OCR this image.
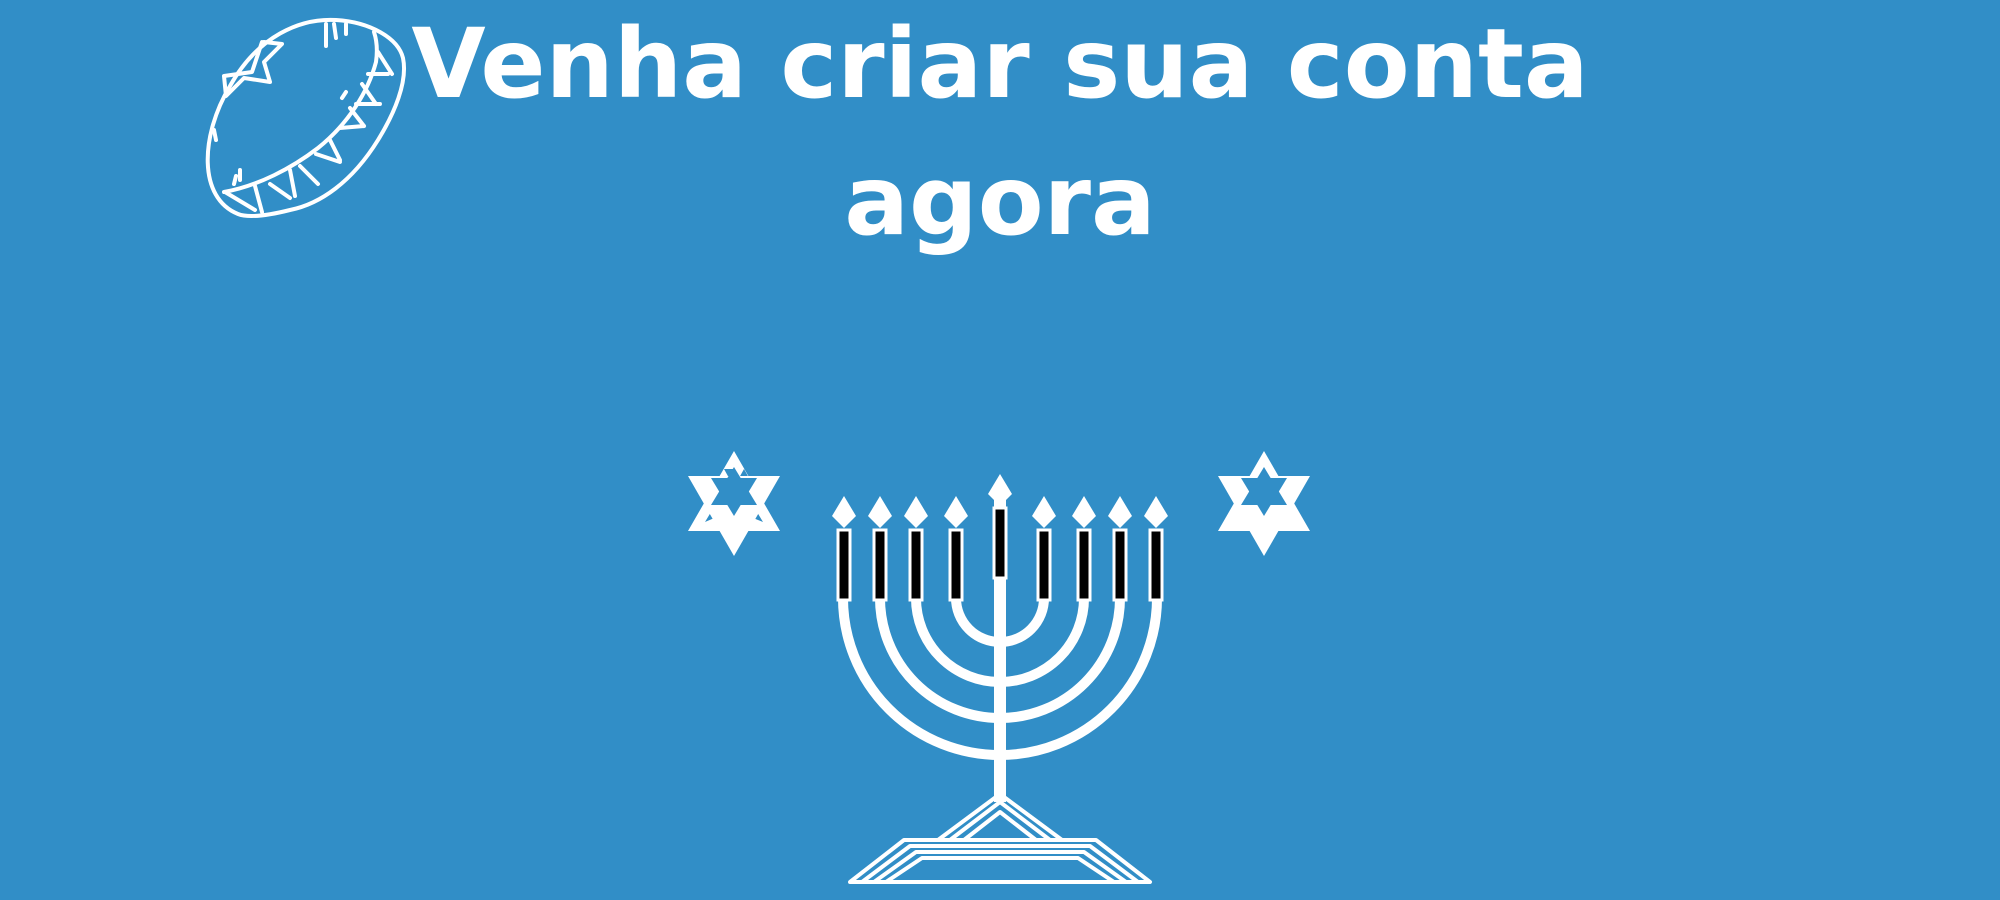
Venha criar sua conta
agora
